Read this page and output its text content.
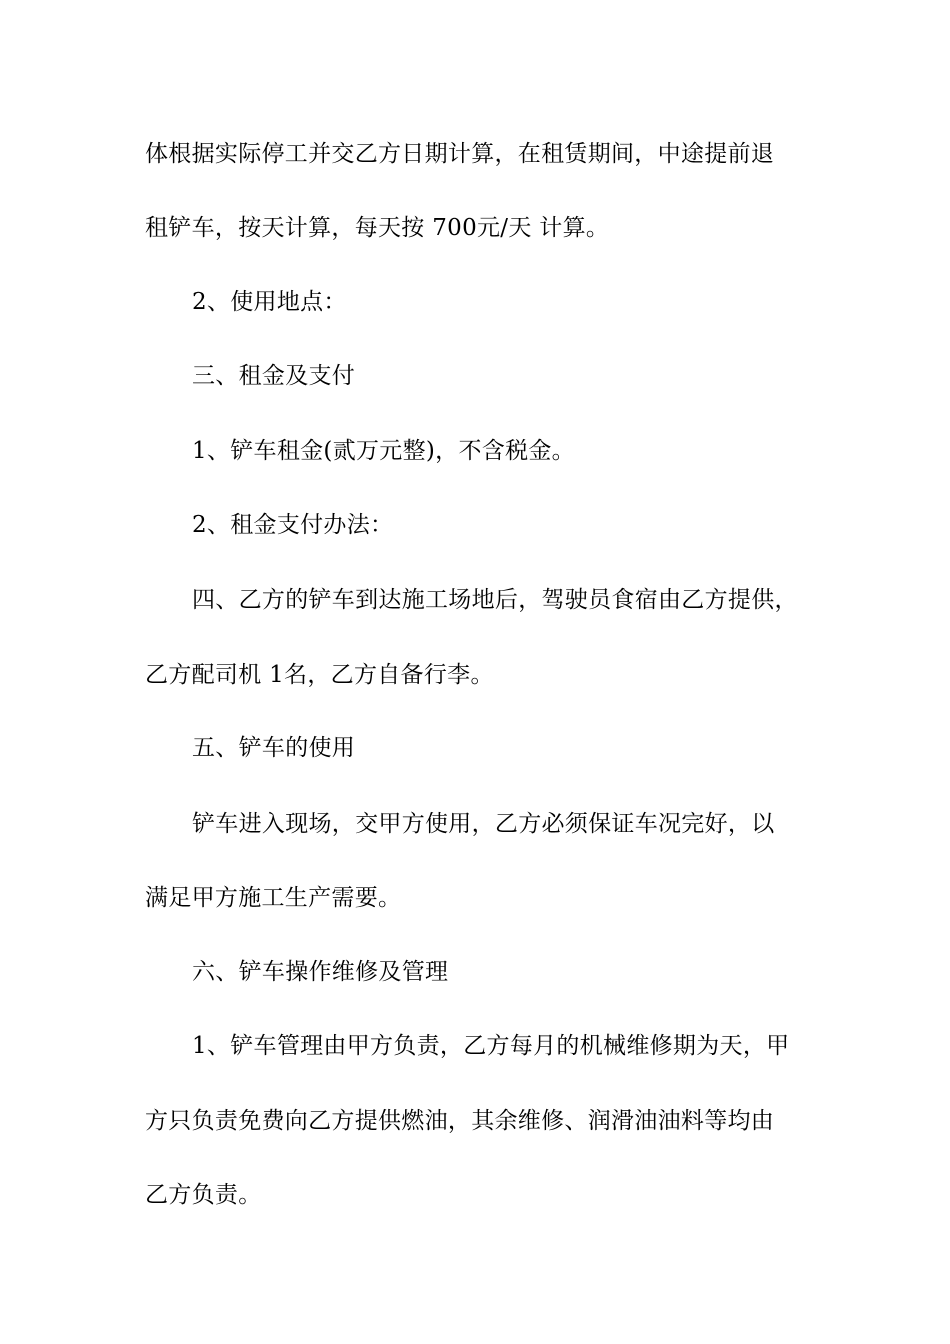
体根据实际停工并交乙方日期计算，在租赁期间，中途提前退
租铲车，按天计算，每天按 700元/天 计算。
2、使用地点：
三、租金及支付
1、铲车租金(贰万元整)，不含税金。
2、租金支付办法：
四、乙方的铲车到达施工场地后，驾驶员食宿由乙方提供，
乙方配司机 1名，乙方自备行李。
五、铲车的使用
铲车进入现场，交甲方使用，乙方必须保证车况完好，以
满足甲方施工生产需要。
六、铲车操作维修及管理
1、铲车管理由甲方负责，乙方每月的机械维修期为天，甲
方只负责免费向乙方提供燃油，其余维修、润滑油油料等均由
乙方负责。
